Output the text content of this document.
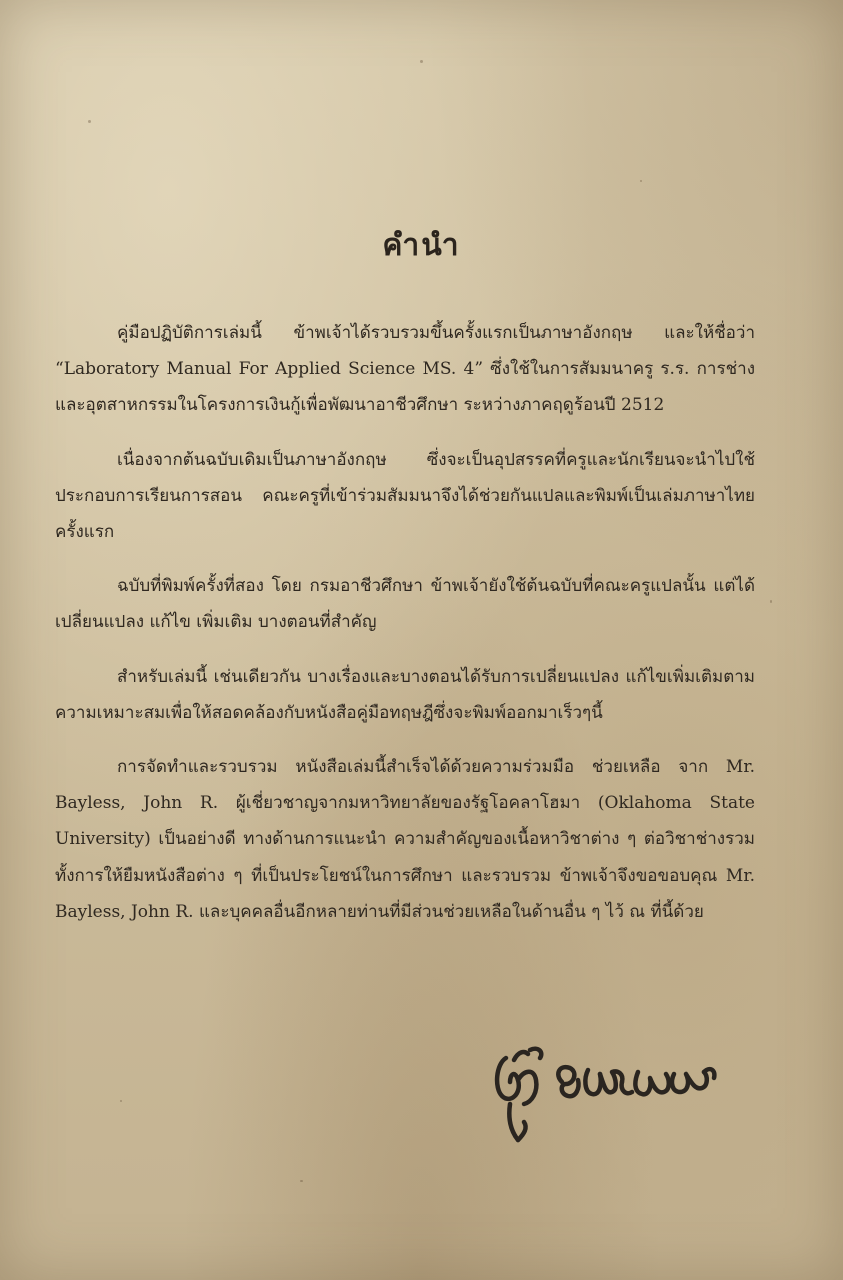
คำนำ

คู่มือปฏิบัติการเล่มนี้ ข้าพเจ้าได้รวบรวมขึ้นครั้งแรกเป็นภาษาอังกฤษ และให้ชื่อว่า “Laboratory Manual For Applied Science MS. 4” ซึ่งใช้ในการสัมมนาครู ร.ร. การช่างและอุตสาหกรรมในโครงการเงินกู้เพื่อพัฒนาอาชีวศึกษา ระหว่างภาคฤดูร้อนปี 2512

เนื่องจากต้นฉบับเดิมเป็นภาษาอังกฤษ ซึ่งจะเป็นอุปสรรคที่ครูและนักเรียนจะนำไปใช้ประกอบการเรียนการสอน คณะครูที่เข้าร่วมสัมมนาจึงได้ช่วยกันแปลและพิมพ์เป็นเล่มภาษาไทยครั้งแรก

ฉบับที่พิมพ์ครั้งที่สอง โดย กรมอาชีวศึกษา ข้าพเจ้ายังใช้ต้นฉบับที่คณะครูแปลนั้น แต่ได้เปลี่ยนแปลง แก้ไข เพิ่มเติม บางตอนที่สำคัญ

สำหรับเล่มนี้ เช่นเดียวกัน บางเรื่องและบางตอนได้รับการเปลี่ยนแปลง แก้ไขเพิ่มเติมตามความเหมาะสมเพื่อให้สอดคล้องกับหนังสือคู่มือทฤษฎีซึ่งจะพิมพ์ออกมาเร็วๆนี้

การจัดทำและรวบรวม หนังสือเล่มนี้สำเร็จได้ด้วยความร่วมมือ ช่วยเหลือ จาก Mr. Bayless, John R. ผู้เชี่ยวชาญจากมหาวิทยาลัยของรัฐโอคลาโฮมา (Oklahoma State University) เป็นอย่างดี ทางด้านการแนะนำ ความสำคัญของเนื้อหาวิชาต่าง ๆ ต่อวิชาช่างรวมทั้งการให้ยืมหนังสือต่าง ๆ ที่เป็นประโยชน์ในการศึกษา และรวบรวม ข้าพเจ้าจึงขอขอบคุณ Mr. Bayless, John R. และบุคคลอื่นอีกหลายท่านที่มีส่วนช่วยเหลือในด้านอื่น ๆ ไว้ ณ ที่นี้ด้วย
